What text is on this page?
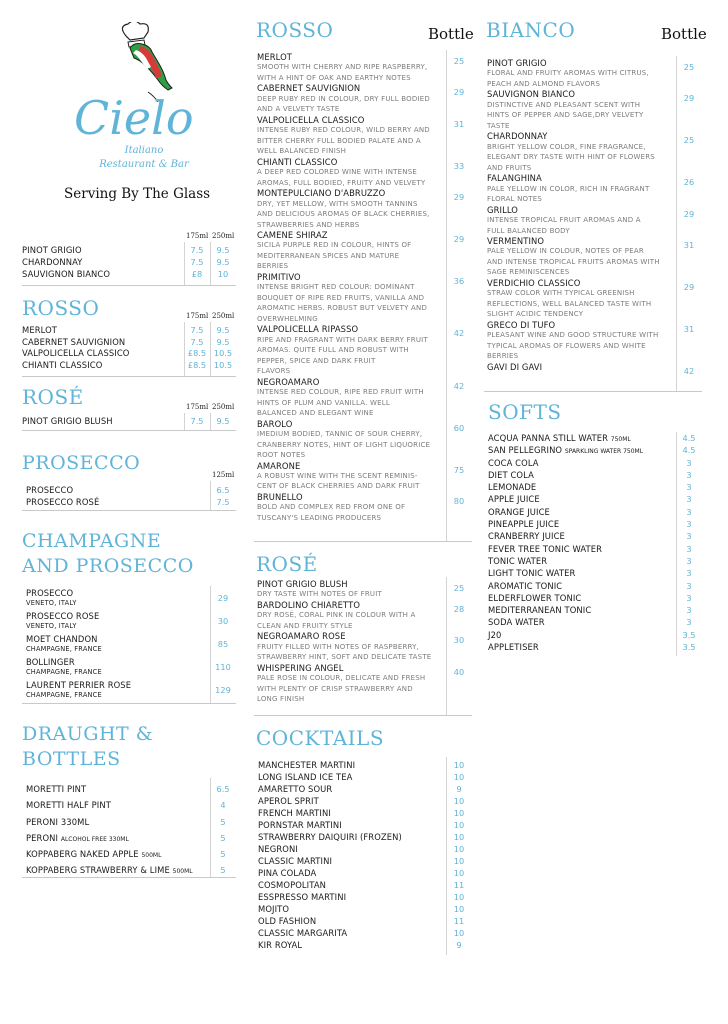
Cielo
Italiano
Restaurant & Bar
Serving By The Glass
175ml 250ml
PINOT GRIGIO	7.5	9.5
CHARDONNAY	7.5	9.5
SAUVIGNON BIANCO	£8	10
ROSSO	175ml 250ml
MERLOT	7.5	9.5
CABERNET SAUVIGNION	7.5	9.5
VALPOLICELLA CLASSICO	£8.5 10.5
CHIANTI CLASSICO	£8.5 10.5
ROSÉ	175ml 250ml
PINOT GRIGIO BLUSH	7.5	9.5
PROSECCO
125ml
PROSECCO	6.5
PROSECCO ROSÉ	7.5
CHAMPAGNE
AND PROSECCO
PROSECCO
VENETO, ITALY
29
PROSECCO ROSE
VENETO, ITALY
30
MOET CHANDON
CHAMPAGNE, FRANCE
85
BOLLINGER
CHAMPAGNE, FRANCE
110
LAURENT PERRIER ROSE
CHAMPAGNE, FRANCE
129
DRAUGHT &
BOTTLES
MORETTI PINT	6.5
MORETTI HALF PINT	4
PERONI 330ML	5
PERONI ALCOHOL FREE 330ML	5
KOPPABERG NAKED APPLE 500ML	5
KOPPABERG STRAWBERRY & LIME 500ML	5
ROSSO	Bottle
MERLOT
SMOOTH WITH CHERRY AND RIPE RASPBERRY,
WITH A HINT OF OAK AND EARTHY NOTES
25
CABERNET SAUVIGNION
DEEP RUBY RED IN COLOUR, DRY FULL BODIED
AND A VELVETY TASTE
29
VALPOLICELLA CLASSICO
INTENSE RUBY RED COLOUR, WILD BERRY AND
BITTER CHERRY FULL BODIED PALATE AND A
WELL BALANCED FINISH
31
CHIANTI CLASSICO
A DEEP RED COLORED WINE WITH INTENSE
AROMAS, FULL BODIED, FRUITY AND VELVETY
33
MONTEPULCIANO D'ABRUZZO
DRY, YET MELLOW, WITH SMOOTH TANNINS
AND DELICIOUS AROMAS OF BLACK CHERRIES,
STRAWBERRIES AND HERBS
29
CAMENE SHIRAZ
SICILA PURPLE RED IN COLOUR, HINTS OF
MEDITERRANEAN SPICES AND MATURE
BERRIES
29
PRIMITIVO
INTENSE BRIGHT RED COLOUR: DOMINANT
BOUQUET OF RIPE RED FRUITS, VANILLA AND
AROMATIC HERBS. ROBUST BUT VELVETY AND
OVERWHELMING
36
VALPOLICELLA RIPASSO
RIPE AND FRAGRANT WITH DARK BERRY FRUIT
AROMAS. QUITE FULL AND ROBUST WITH
PEPPER, SPICE AND DARK FRUIT
FLAVORS
42
NEGROAMARO
INTENSE RED COLOUR, RIPE RED FRUIT WITH
HINTS OF PLUM AND VANILLA. WELL
BALANCED AND ELEGANT WINE
42
BAROLO
IMEDIUM BODIED, TANNIC OF SOUR CHERRY,
CRANBERRY NOTES, HINT OF LIGHT LIQUORICE
ROOT NOTES
60
AMARONE
A ROBUST WINE WITH THE SCENT REMINIS-
CENT OF BLACK CHERRIES AND DARK FRUIT
75
BRUNELLO
BOLD AND COMPLEX RED FROM ONE OF
TUSCANY'S LEADING PRODUCERS
80
ROSÉ
PINOT GRIGIO BLUSH
DRY TASTE WITH NOTES OF FRUIT
25
BARDOLINO CHIARETTO
DRY ROSÉ, CORAL PINK IN COLOUR WITH A
CLEAN AND FRUITY STYLE
28
NEGROAMARO ROSE
FRUITY FILLED WITH NOTES OF RASPBERRY,
STRAWBERRY HINT, SOFT AND DELICATE TASTE
30
WHISPERING ANGEL
PALE ROSE IN COLOUR, DELICATE AND FRESH
WITH PLENTY OF CRISP STRAWBERRY AND
LONG FINISH
40
COCKTAILS
MANCHESTER MARTINI	10
LONG ISLAND ICE TEA	10
AMARETTO SOUR	9
APEROL SPRIT	10
FRENCH MARTINI	10
PORNSTAR MARTINI	10
STRAWBERRY DAIQUIRI (FROZEN)	10
NEGRONI	10
CLASSIC MARTINI	10
PINA COLADA	10
COSMOPOLITAN	11
ESSPRESSO MARTINI	10
MOJITO	10
OLD FASHION	11
CLASSIC MARGARITA	10
KIR ROYAL	9
BIANCO	Bottle
PINOT GRIGIO
FLORAL AND FRUITY AROMAS WITH CITRUS,
PEACH AND ALMOND FLAVORS
25
SAUVIGNON BIANCO
DISTINCTIVE AND PLEASANT SCENT WITH
HINTS OF PEPPER AND SAGE,DRY VELVETY
TASTE
29
CHARDONNAY
BRIGHT YELLOW COLOR, FINE FRAGRANCE,
ELEGANT DRY TASTE WITH HINT OF FLOWERS
AND FRUITS
25
FALANGHINA
PALE YELLOW IN COLOR, RICH IN FRAGRANT
FLORAL NOTES
26
GRILLO
INTENSE TROPICAL FRUIT AROMAS AND A
FULL BALANCED BODY
29
VERMENTINO
PALE YELLOW IN COLOUR, NOTES OF PEAR
AND INTENSE TROPICAL FRUITS AROMAS WITH
SAGE REMINISCENCES
31
VERDICHIO CLASSICO
STRAW COLOR WITH TYPICAL GREENISH
REFLECTIONS, WELL BALANCED TASTE WITH
SLIGHT ACIDIC TENDENCY
29
GRECO DI TUFO
PLEASANT WINE AND GOOD STRUCTURE WITH
TYPICAL AROMAS OF FLOWERS AND WHITE
BERRIES
31
GAVI DI GAVI	42
SOFTS
ACQUA PANNA STILL WATER 750ML	4.5
SAN PELLEGRINO SPARKLING WATER 750ML	4.5
COCA COLA	3
DIET COLA	3
LEMONADE	3
APPLE JUICE	3
ORANGE JUICE	3
PINEAPPLE JUICE	3
CRANBERRY JUICE	3
FEVER TREE TONIC WATER	3
TONIC WATER	3
LIGHT TONIC WATER	3
AROMATIC TONIC	3
ELDERFLOWER TONIC	3
MEDITERRANEAN TONIC	3
SODA WATER	3
J20	3.5
APPLETISER	3.5
